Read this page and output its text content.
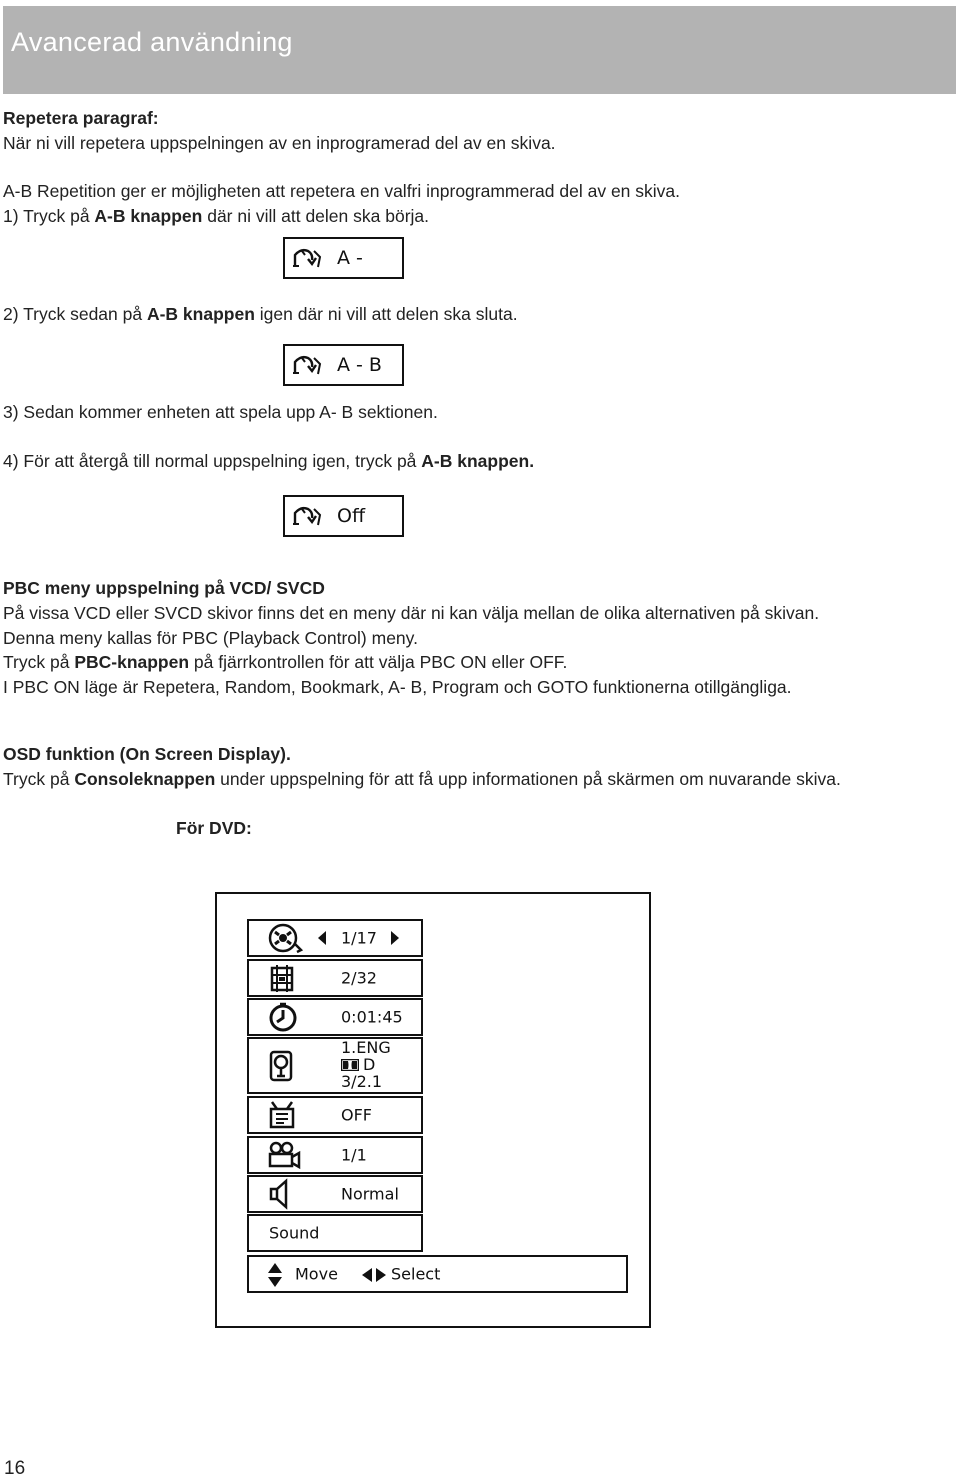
Avancerad användning
Repetera paragraf:
När ni vill repetera uppspelningen av en inprogramerad del av en skiva.
A-B Repetition ger er möjligheten att repetera en valfri inprogrammerad del av en skiva.
1) Tryck på A-B knappen där ni vill att delen ska börja.
A -
2) Tryck sedan på A-B knappen igen där ni vill att delen ska sluta.
A - B
3) Sedan kommer enheten att spela upp A- B sektionen.
4) För att återgå till normal uppspelning igen, tryck på A-B knappen.
Off
PBC meny uppspelning på VCD/ SVCD
På vissa VCD eller SVCD skivor finns det en meny där ni kan välja mellan de olika alternativen på skivan.
Denna meny kallas för PBC (Playback Control) meny.
Tryck på PBC-knappen på fjärrkontrollen för att välja PBC ON eller OFF.
I PBC ON läge är Repetera, Random, Bookmark, A- B, Program och GOTO funktionerna otillgängliga.
OSD funktion (On Screen Display).
Tryck på Consoleknappen under uppspelning för att få upp informationen på skärmen om nuvarande skiva.
För DVD:
1/17
2/32
0:01:45
1.ENG
D
3/2.1
OFF
1/1
Normal
Sound
Move	Select
16
